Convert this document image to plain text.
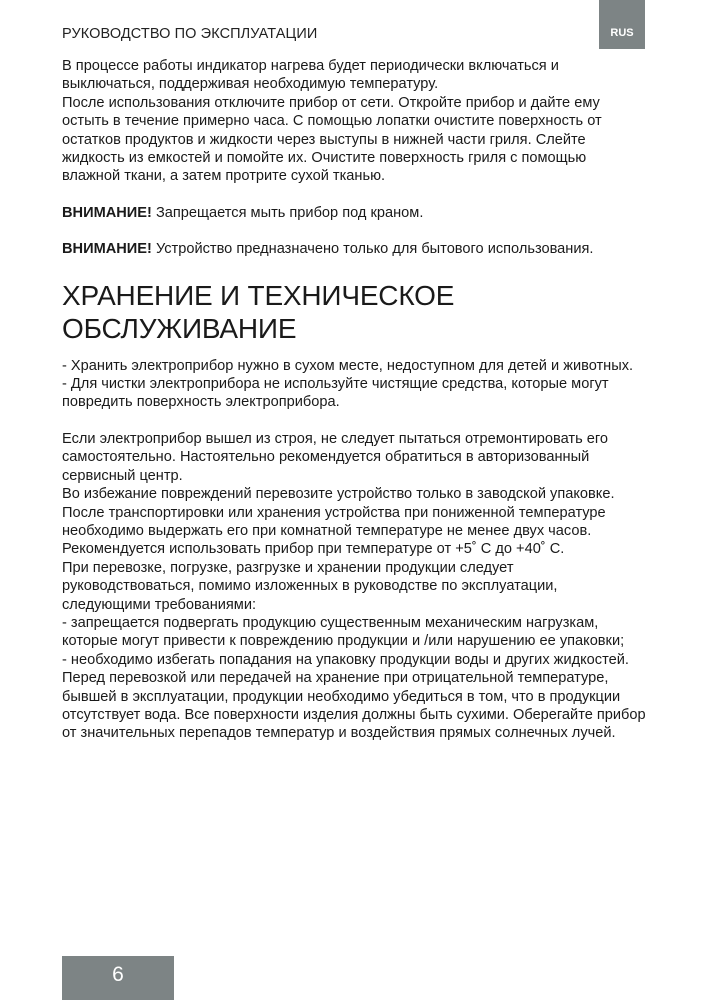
РУКОВОДСТВО ПО ЭКСПЛУАТАЦИИ	RUS

В процессе работы индикатор нагрева будет периодически включаться и выключаться, поддерживая необходимую температуру.

После использования отключите прибор от сети. Откройте прибор и дайте ему остыть в течение примерно часа. С помощью лопатки очистите поверхность от остатков продуктов и жидкости через выступы в нижней части гриля. Слейте жидкость из емкостей и помойте их. Очистите поверхность гриля с помощью влажной ткани, а затем протрите сухой тканью.

ВНИМАНИЕ! Запрещается мыть прибор под краном.

ВНИМАНИЕ! Устройство предназначено только для бытового использования.

ХРАНЕНИЕ И ТЕХНИЧЕСКОЕ ОБСЛУЖИВАНИЕ

- Хранить электроприбор нужно в сухом месте, недоступном для детей и животных.

- Для чистки электроприбора не используйте чистящие средства, которые могут повредить поверхность электроприбора.

Если электроприбор вышел из строя, не следует пытаться отремонтировать его самостоятельно. Настоятельно рекомендуется обратиться в авторизованный сервисный центр.

Во избежание повреждений перевозите устройство только в заводской упаковке. После транспортировки или хранения устройства при пониженной температуре необходимо выдержать его при комнатной температуре не менее двух часов.

Рекомендуется использовать прибор при температуре от +5˚ С до +40˚ С.

При перевозке, погрузке, разгрузке и хранении продукции следует руководствоваться, помимо изложенных в руководстве по эксплуатации, следующими требованиями:

- запрещается подвергать продукцию существенным механическим нагрузкам, которые могут привести к повреждению продукции и /или нарушению ее упаковки;

- необходимо избегать попадания на упаковку продукции воды и других жидкостей.

Перед перевозкой или передачей на хранение при отрицательной температуре, бывшей в эксплуатации, продукции необходимо убедиться в том, что в продукции отсутствует вода. Все поверхности изделия должны быть сухими. Оберегайте прибор от значительных перепадов температур и воздействия прямых солнечных лучей.

6
